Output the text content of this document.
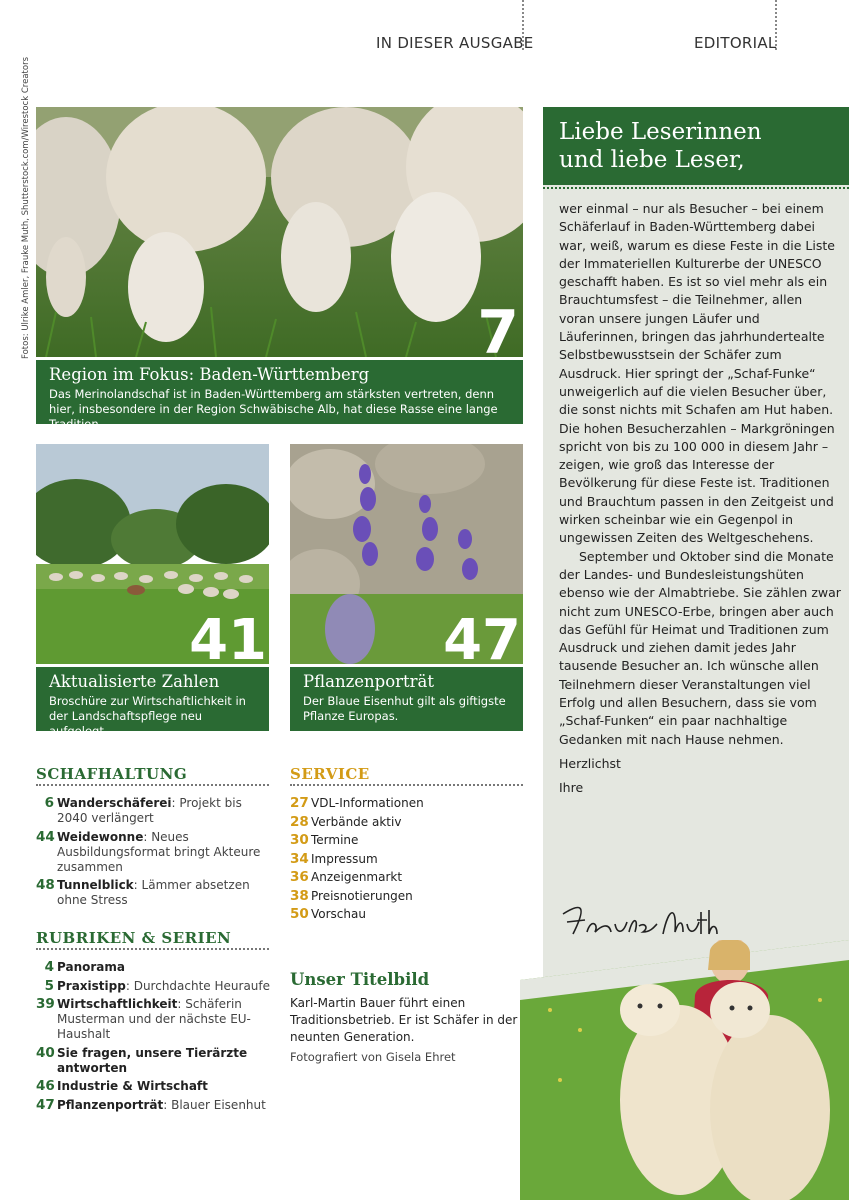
IN DIESER AUSGABE	EDITORIAL
Fotos: Ulrike Amler, Frauke Muth, Shutterstock.com/Wirestock Creators	7
Region im Fokus: Baden-Württemberg
Das Merinolandschaf ist in Baden-Württemberg am stärksten vertreten, denn hier, insbesondere in der Region Schwäbische Alb, hat diese Rasse eine lange Tradition.
41
Aktualisierte Zahlen
Broschüre zur Wirtschaftlichkeit in der Landschaftspflege neu aufgelegt.
47
Pflanzenporträt
Der Blaue Eisenhut gilt als giftigste Pflanze Europas.
SCHAFHALTUNG
6 Wanderschäferei: Projekt bis 2040 verlängert
44 Weidewonne: Neues Ausbildungsformat bringt Akteure zusammen
48 Tunnelblick: Lämmer absetzen ohne Stress
RUBRIKEN & SERIEN
4 Panorama
5 Praxistipp: Durchdachte Heuraufe
39 Wirtschaftlichkeit: Schäferin Musterman und der nächste EU-Haushalt
40 Sie fragen, unsere Tierärzte antworten
46 Industrie & Wirtschaft
47 Pflanzenporträt: Blauer Eisenhut
SERVICE
27 VDL-Informationen
28 Verbände aktiv
30 Termine
34 Impressum
36 Anzeigenmarkt
38 Preisnotierungen
50 Vorschau
Unser Titelbild
Karl-Martin Bauer führt einen Traditionsbetrieb. Er ist Schäfer in der neunten Generation.
Fotografiert von Gisela Ehret
Liebe Leserinnen
und liebe Leser,

wer einmal – nur als Besucher – bei einem Schäferlauf in Baden-Württemberg dabei war, weiß, warum es diese Feste in die Liste der Immateriellen Kulturerbe der UNESCO geschafft haben. Es ist so viel mehr als ein Brauchtumsfest – die Teilnehmer, allen voran unsere jungen Läufer und Läuferinnen, bringen das jahrhundertealte Selbstbewusstsein der Schäfer zum Ausdruck. Hier springt der „Schaf-Funke“ unweigerlich auf die vielen Besucher über, die sonst nichts mit Schafen am Hut haben. Die hohen Besucherzahlen – Markgröningen spricht von bis zu 100 000 in diesem Jahr – zeigen, wie groß das Interesse der Bevölkerung für diese Feste ist. Traditionen und Brauchtum passen in den Zeitgeist und wirken scheinbar wie ein Gegenpol in ungewissen Zeiten des Weltgeschehens.

September und Oktober sind die Monate der Landes- und Bundesleistungshüten ebenso wie der Almabtriebe. Sie zählen zwar nicht zum UNESCO-Erbe, bringen aber auch das Gefühl für Heimat und Traditionen zum Ausdruck und ziehen damit jedes Jahr tausende Besucher an. Ich wünsche allen Teilnehmern dieser Veranstaltungen viel Erfolg und allen Besuchern, dass sie vom „Schaf-Funken“ ein paar nachhaltige Gedanken mit nach Hause nehmen.

Herzlichst

Ihre
